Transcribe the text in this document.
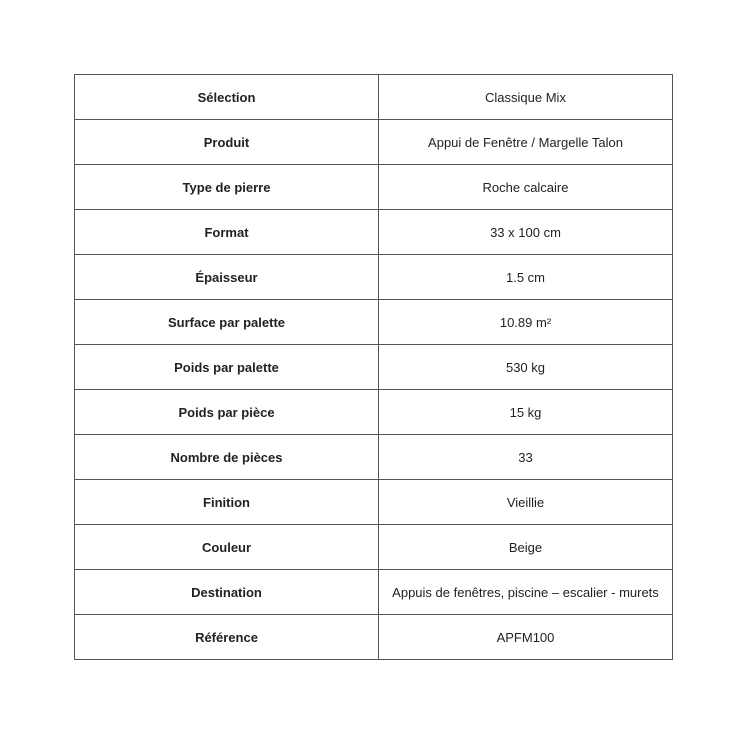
Sélection	Classique Mix
Produit	Appui de Fenêtre / Margelle Talon
Type de pierre	Roche calcaire
Format	33 x 100 cm
Épaisseur	1.5 cm
Surface par palette	10.89 m²
Poids par palette	530 kg
Poids par pièce	15 kg
Nombre de pièces	33
Finition	Vieillie
Couleur	Beige
Destination	Appuis de fenêtres, piscine – escalier - murets
Référence	APFM100
